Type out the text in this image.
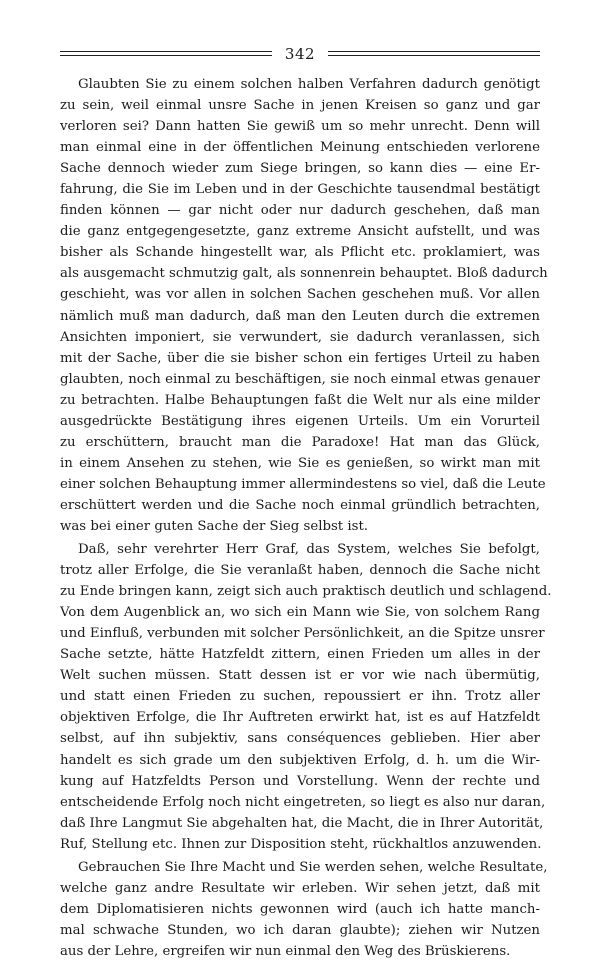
342
Glaubten Sie zu einem solchen halben Verfahren dadurch genötigt
zu sein, weil einmal unsre Sache in jenen Kreisen so ganz und gar
verloren sei? Dann hatten Sie gewiß um so mehr unrecht. Denn will
man einmal eine in der öffentlichen Meinung entschieden verlorene
Sache dennoch wieder zum Siege bringen, so kann dies — eine Er-
fahrung, die Sie im Leben und in der Geschichte tausendmal bestätigt
finden können — gar nicht oder nur dadurch geschehen, daß man
die ganz entgegengesetzte, ganz extreme Ansicht aufstellt, und was
bisher als Schande hingestellt war, als Pflicht etc. proklamiert, was
als ausgemacht schmutzig galt, als sonnenrein behauptet. Bloß dadurch
geschieht, was vor allen in solchen Sachen geschehen muß. Vor allen
nämlich muß man dadurch, daß man den Leuten durch die extremen
Ansichten imponiert, sie verwundert, sie dadurch veranlassen, sich
mit der Sache, über die sie bisher schon ein fertiges Urteil zu haben
glaubten, noch einmal zu beschäftigen, sie noch einmal etwas genauer
zu betrachten. Halbe Behauptungen faßt die Welt nur als eine milder
ausgedrückte Bestätigung ihres eigenen Urteils. Um ein Vorurteil
zu erschüttern, braucht man die Paradoxe! Hat man das Glück,
in einem Ansehen zu stehen, wie Sie es genießen, so wirkt man mit
einer solchen Behauptung immer allermindestens so viel, daß die Leute
erschüttert werden und die Sache noch einmal gründlich betrachten,
was bei einer guten Sache der Sieg selbst ist.
Daß, sehr verehrter Herr Graf, das System, welches Sie befolgt,
trotz aller Erfolge, die Sie veranlaßt haben, dennoch die Sache nicht
zu Ende bringen kann, zeigt sich auch praktisch deutlich und schlagend.
Von dem Augenblick an, wo sich ein Mann wie Sie, von solchem Rang
und Einfluß, verbunden mit solcher Persönlichkeit, an die Spitze unsrer
Sache setzte, hätte Hatzfeldt zittern, einen Frieden um alles in der
Welt suchen müssen. Statt dessen ist er vor wie nach übermütig,
und statt einen Frieden zu suchen, repoussiert er ihn. Trotz aller
objektiven Erfolge, die Ihr Auftreten erwirkt hat, ist es auf Hatzfeldt
selbst, auf ihn subjektiv, sans conséquences geblieben. Hier aber
handelt es sich grade um den subjektiven Erfolg, d. h. um die Wir-
kung auf Hatzfeldts Person und Vorstellung. Wenn der rechte und
entscheidende Erfolg noch nicht eingetreten, so liegt es also nur daran,
daß Ihre Langmut Sie abgehalten hat, die Macht, die in Ihrer Autorität,
Ruf, Stellung etc. Ihnen zur Disposition steht, rückhaltlos anzuwenden.
Gebrauchen Sie Ihre Macht und Sie werden sehen, welche Resultate,
welche ganz andre Resultate wir erleben. Wir sehen jetzt, daß mit
dem Diplomatisieren nichts gewonnen wird (auch ich hatte manch-
mal schwache Stunden, wo ich daran glaubte); ziehen wir Nutzen
aus der Lehre, ergreifen wir nun einmal den Weg des Brüskierens.
